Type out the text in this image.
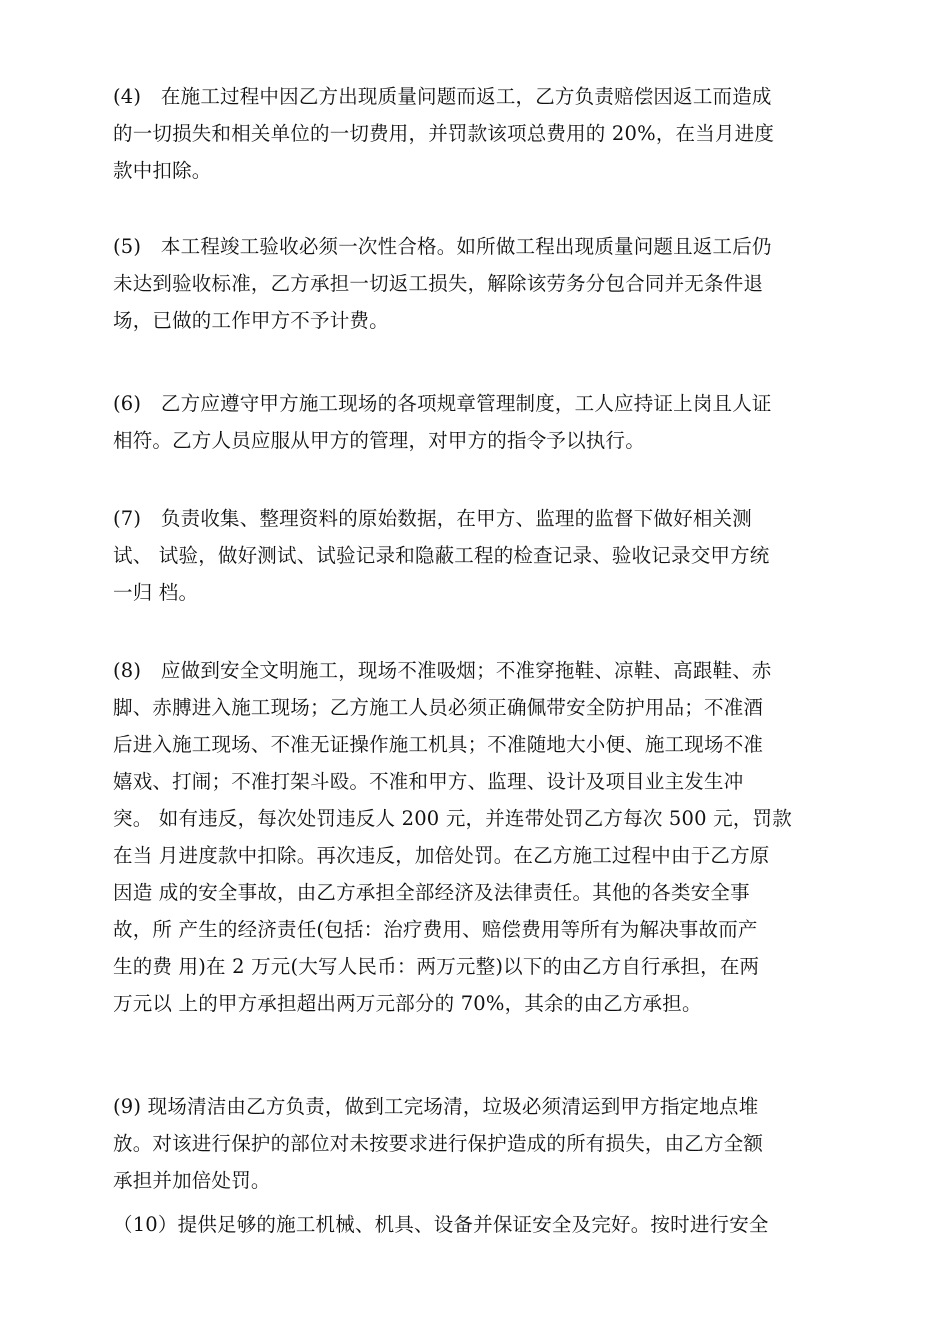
(4)　在施工过程中因乙方出现质量问题而返工，乙方负责赔偿因返工而造成
的一切损失和相关单位的一切费用，并罚款该项总费用的 20%，在当月进度
款中扣除。
(5)　本工程竣工验收必须一次性合格。如所做工程出现质量问题且返工后仍
未达到验收标准，乙方承担一切返工损失，解除该劳务分包合同并无条件退
场，已做的工作甲方不予计费。
(6)　乙方应遵守甲方施工现场的各项规章管理制度，工人应持证上岗且人证
相符。乙方人员应服从甲方的管理，对甲方的指令予以执行。
(7)　负责收集、整理资料的原始数据，在甲方、监理的监督下做好相关测
试、 试验，做好测试、试验记录和隐蔽工程的检查记录、验收记录交甲方统
一归 档。
(8)　应做到安全文明施工，现场不准吸烟；不准穿拖鞋、凉鞋、高跟鞋、赤
脚、赤膊进入施工现场；乙方施工人员必须正确佩带安全防护用品；不准酒
后进入施工现场、不准无证操作施工机具；不准随地大小便、施工现场不准
嬉戏、打闹；不准打架斗殴。不准和甲方、监理、设计及项目业主发生冲
突。 如有违反，每次处罚违反人 200 元，并连带处罚乙方每次 500 元，罚款
在当 月进度款中扣除。再次违反，加倍处罚。在乙方施工过程中由于乙方原
因造 成的安全事故，由乙方承担全部经济及法律责任。其他的各类安全事
故，所 产生的经济责任(包括：治疗费用、赔偿费用等所有为解决事故而产
生的费 用)在 2 万元(大写人民币：两万元整)以下的由乙方自行承担，在两
万元以 上的甲方承担超出两万元部分的 70%，其余的由乙方承担。
(9) 现场清洁由乙方负责，做到工完场清，垃圾必须清运到甲方指定地点堆
放。对该进行保护的部位对未按要求进行保护造成的所有损失，由乙方全额
承担并加倍处罚。
（10）提供足够的施工机械、机具、设备并保证安全及完好。按时进行安全
